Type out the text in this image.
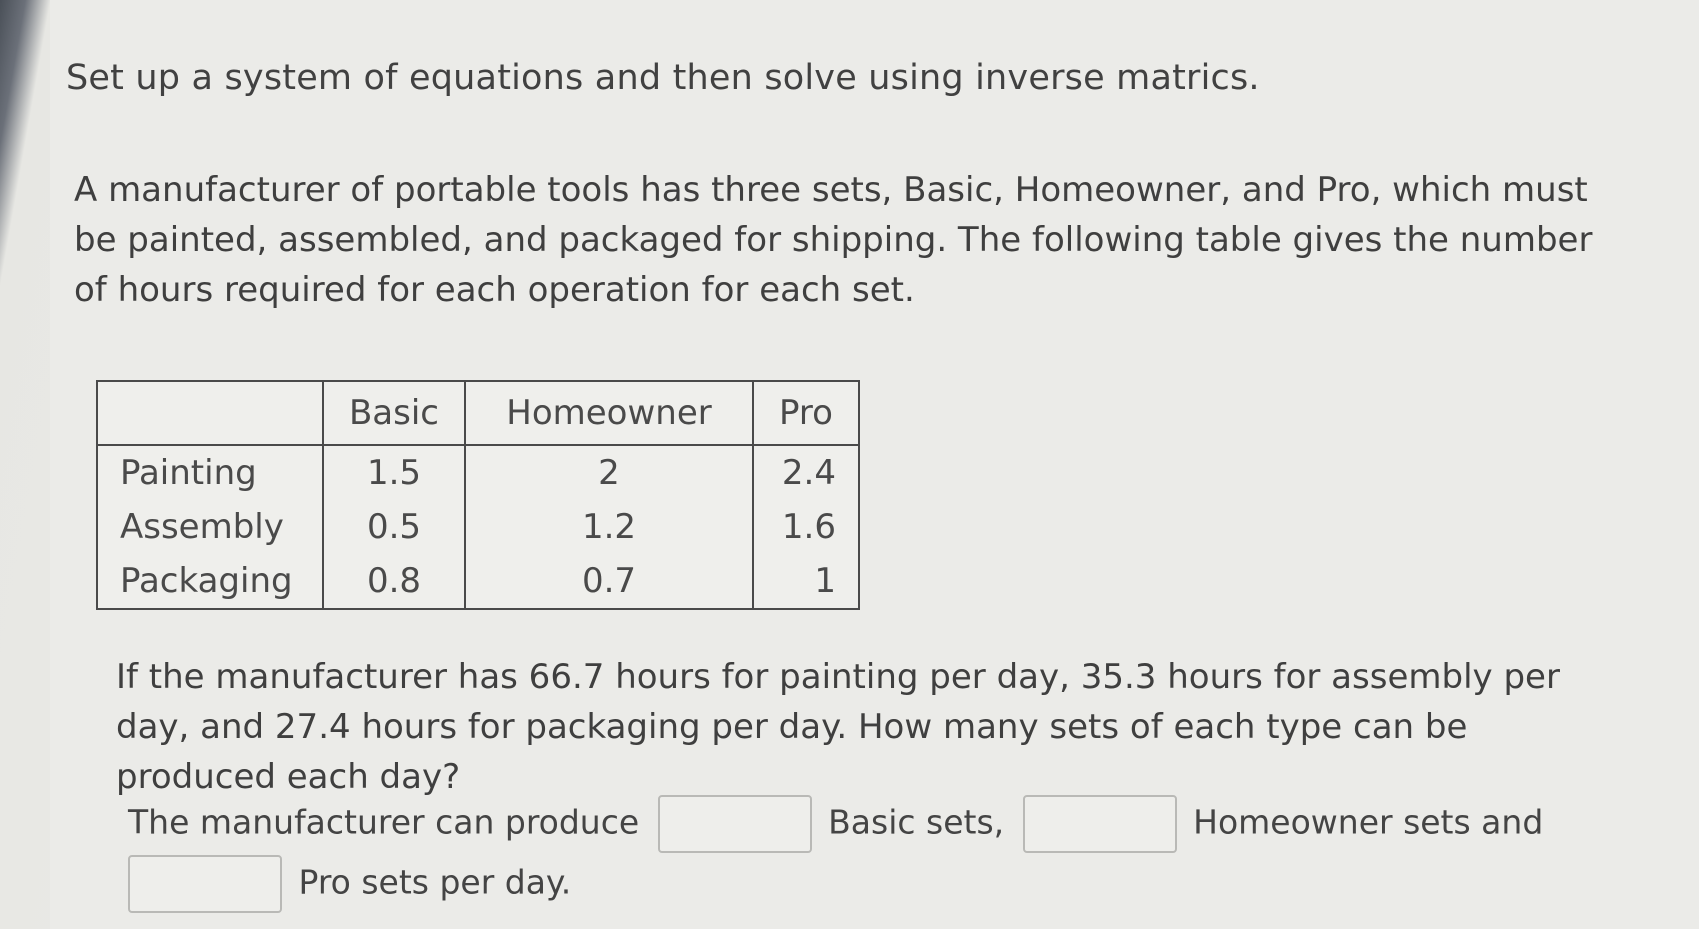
Set up a system of equations and then solve using inverse matrics.
A manufacturer of portable tools has three sets, Basic, Homeowner, and Pro, which must be painted, assembled, and packaged for shipping. The following table gives the number of hours required for each operation for each set.
	Basic	Homeowner	Pro
Painting	1.5	2	2.4
Assembly	0.5	1.2	1.6
Packaging	0.8	0.7	1
If the manufacturer has 66.7 hours for painting per day, 35.3 hours for assembly per day, and 27.4 hours for packaging per day. How many sets of each type can be produced each day?
The manufacturer can produce	Basic sets,	Homeowner sets and
Pro sets per day.
